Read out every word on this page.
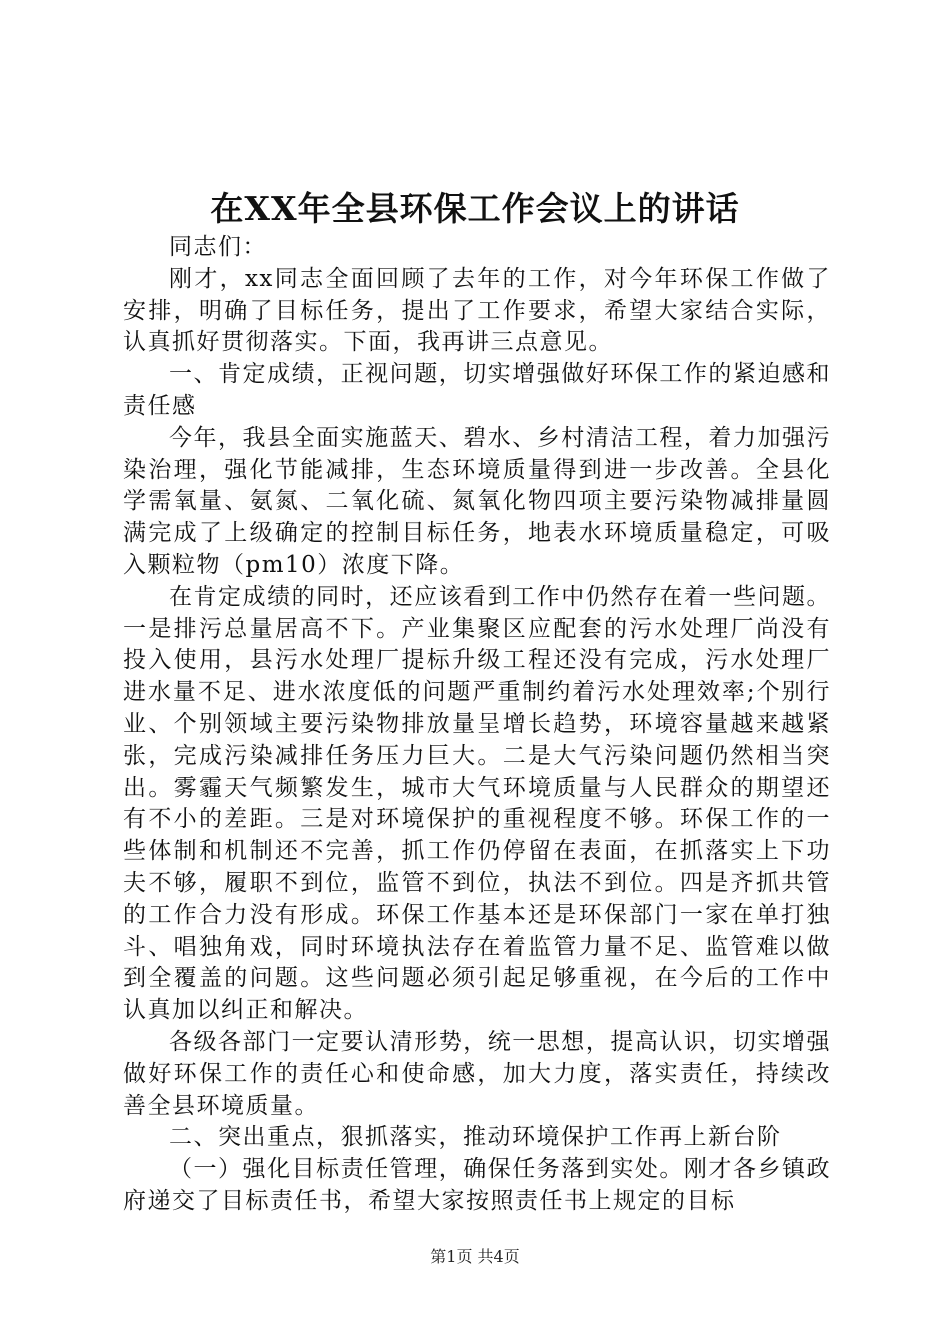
在XX年全县环保工作会议上的讲话

同志们：

刚才，xx同志全面回顾了去年的工作，对今年环保工作做了安排，明确了目标任务，提出了工作要求，希望大家结合实际，认真抓好贯彻落实。下面，我再讲三点意见。

一、肯定成绩，正视问题，切实增强做好环保工作的紧迫感和责任感

今年，我县全面实施蓝天、碧水、乡村清洁工程，着力加强污染治理，强化节能减排，生态环境质量得到进一步改善。全县化学需氧量、氨氮、二氧化硫、氮氧化物四项主要污染物减排量圆满完成了上级确定的控制目标任务，地表水环境质量稳定，可吸入颗粒物（pm10）浓度下降。

在肯定成绩的同时，还应该看到工作中仍然存在着一些问题。一是排污总量居高不下。产业集聚区应配套的污水处理厂尚没有投入使用，县污水处理厂提标升级工程还没有完成，污水处理厂进水量不足、进水浓度低的问题严重制约着污水处理效率;个别行业、个别领域主要污染物排放量呈增长趋势，环境容量越来越紧张，完成污染减排任务压力巨大。二是大气污染问题仍然相当突出。雾霾天气频繁发生，城市大气环境质量与人民群众的期望还有不小的差距。三是对环境保护的重视程度不够。环保工作的一些体制和机制还不完善，抓工作仍停留在表面，在抓落实上下功夫不够，履职不到位，监管不到位，执法不到位。四是齐抓共管的工作合力没有形成。环保工作基本还是环保部门一家在单打独斗、唱独角戏，同时环境执法存在着监管力量不足、监管难以做到全覆盖的问题。这些问题必须引起足够重视，在今后的工作中认真加以纠正和解决。

各级各部门一定要认清形势，统一思想，提高认识，切实增强做好环保工作的责任心和使命感，加大力度，落实责任，持续改善全县环境质量。

二、突出重点，狠抓落实，推动环境保护工作再上新台阶

（一）强化目标责任管理，确保任务落到实处。刚才各乡镇政府递交了目标责任书，希望大家按照责任书上规定的目标

第1页 共4页
